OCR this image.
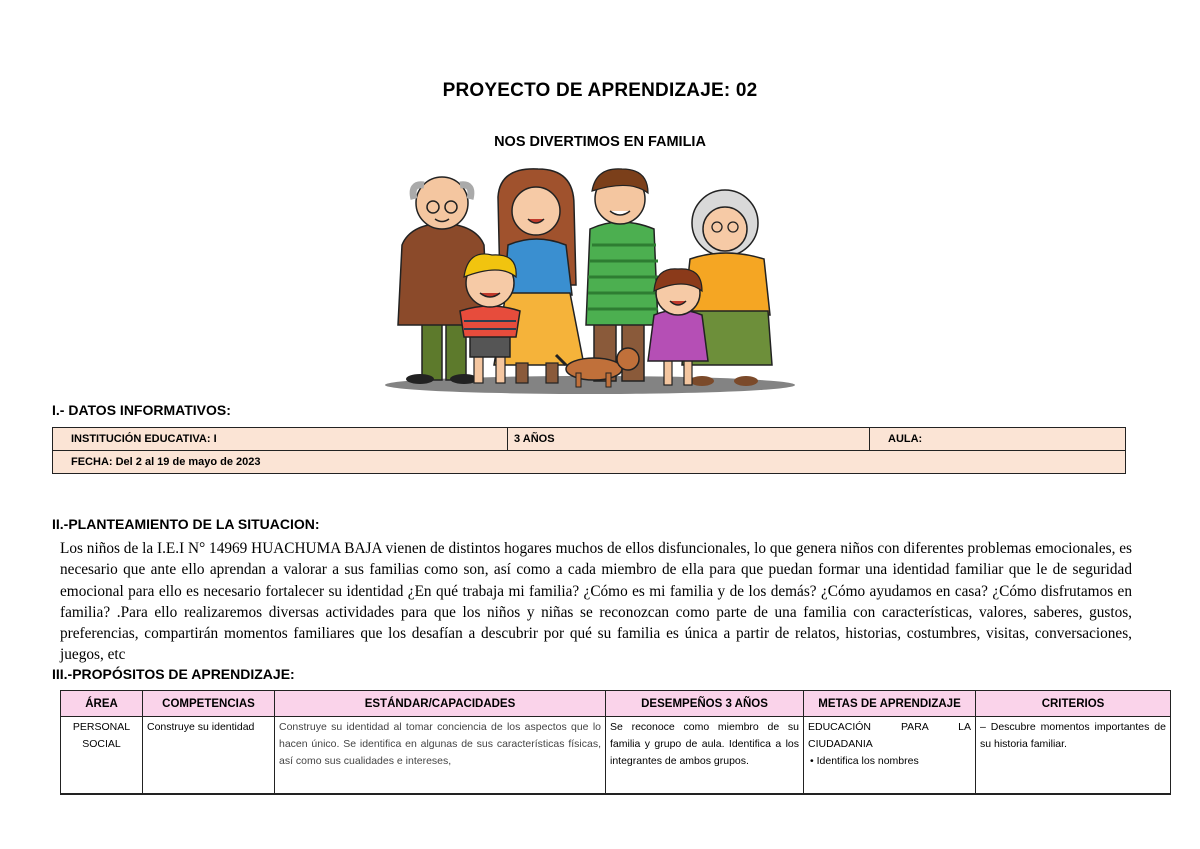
PROYECTO DE APRENDIZAJE: 02
NOS DIVERTIMOS EN FAMILIA
I.- DATOS INFORMATIVOS:
INSTITUCIÓN EDUCATIVA: I	3 AÑOS	AULA:
FECHA: Del 2 al 19 de mayo de 2023
II.-PLANTEAMIENTO DE LA SITUACION:

Los niños de la I.E.I N° 14969 HUACHUMA BAJA vienen de distintos hogares muchos de ellos disfuncionales, lo que genera niños con diferentes problemas emocionales, es necesario que ante ello aprendan a valorar a sus familias como son, así como a cada miembro de ella para que puedan formar una identidad familiar que le de seguridad emocional para ello es necesario fortalecer su identidad ¿En qué trabaja mi familia? ¿Cómo es mi familia y de los demás? ¿Cómo ayudamos en casa? ¿Cómo disfrutamos en familia? .Para ello realizaremos diversas actividades para que los niños y niñas se reconozcan como parte de una familia con características, valores, saberes, gustos, preferencias, compartirán momentos familiares que los desafían a descubrir por qué su familia es única a partir de relatos, historias, costumbres, visitas, conversaciones, juegos, etc

III.-PROPÓSITOS DE APRENDIZAJE:
ÁREA	COMPETENCIAS	ESTÁNDAR/CAPACIDADES	DESEMPEÑOS 3 AÑOS	METAS DE APRENDIZAJE	CRITERIOS
PERSONAL SOCIAL	Construye su identidad	Construye su identidad al tomar conciencia de los aspectos que lo hacen único. Se identifica en algunas de sus características físicas, así como sus cualidades e intereses,	Se reconoce como miembro de su familia y grupo de aula. Identifica a los integrantes de ambos grupos.	EDUCACIÓN PARA LA CIUDADANIA
• Identifica los nombres	– Descubre momentos importantes de su historia familiar.
